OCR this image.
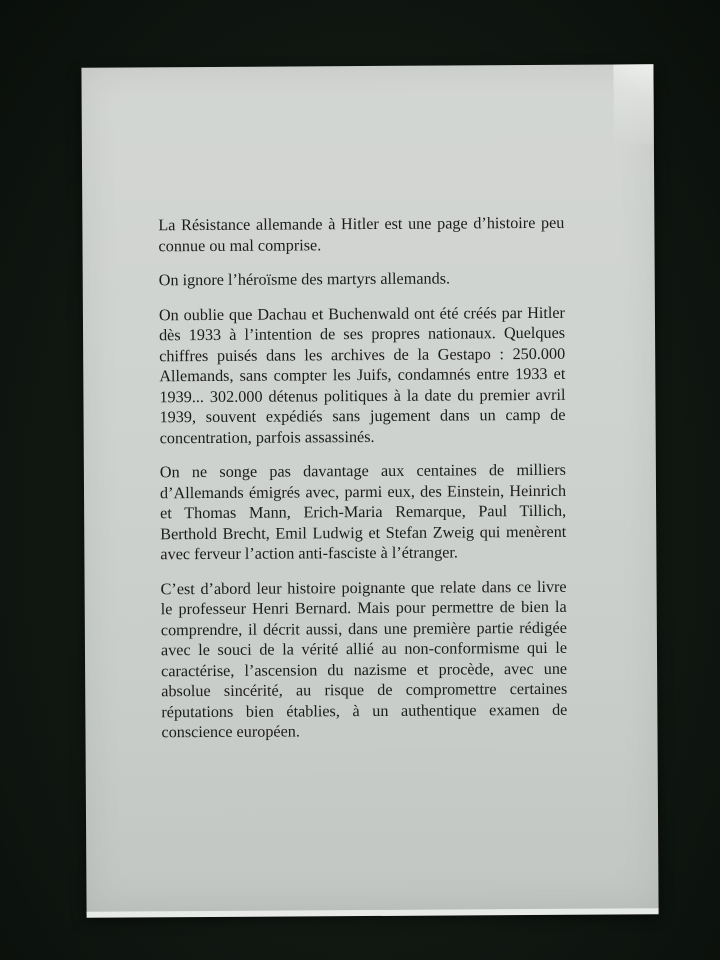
La Résistance allemande à Hitler est une page d’histoire peu connue ou mal comprise.

On ignore l’héroïsme des martyrs allemands.

On oublie que Dachau et Buchenwald ont été créés par Hitler dès 1933 à l’intention de ses propres nationaux. Quelques chiffres puisés dans les archives de la Gestapo : 250.000 Allemands, sans compter les Juifs, condamnés entre 1933 et 1939... 302.000 détenus politiques à la date du premier avril 1939, souvent expédiés sans jugement dans un camp de concentration, parfois assassinés.

On ne songe pas davantage aux centaines de milliers d’Allemands émigrés avec, parmi eux, des Einstein, Heinrich et Thomas Mann, Erich-Maria Remarque, Paul Tillich, Berthold Brecht, Emil Ludwig et Stefan Zweig qui menèrent avec ferveur l’action anti-fasciste à l’étranger.

C’est d’abord leur histoire poignante que relate dans ce livre le professeur Henri Bernard. Mais pour permettre de bien la comprendre, il décrit aussi, dans une première partie rédigée avec le souci de la vérité allié au non-conformisme qui le caractérise, l’ascension du nazisme et procède, avec une absolue sincérité, au risque de compromettre certaines réputations bien établies, à un authentique examen de conscience européen.
